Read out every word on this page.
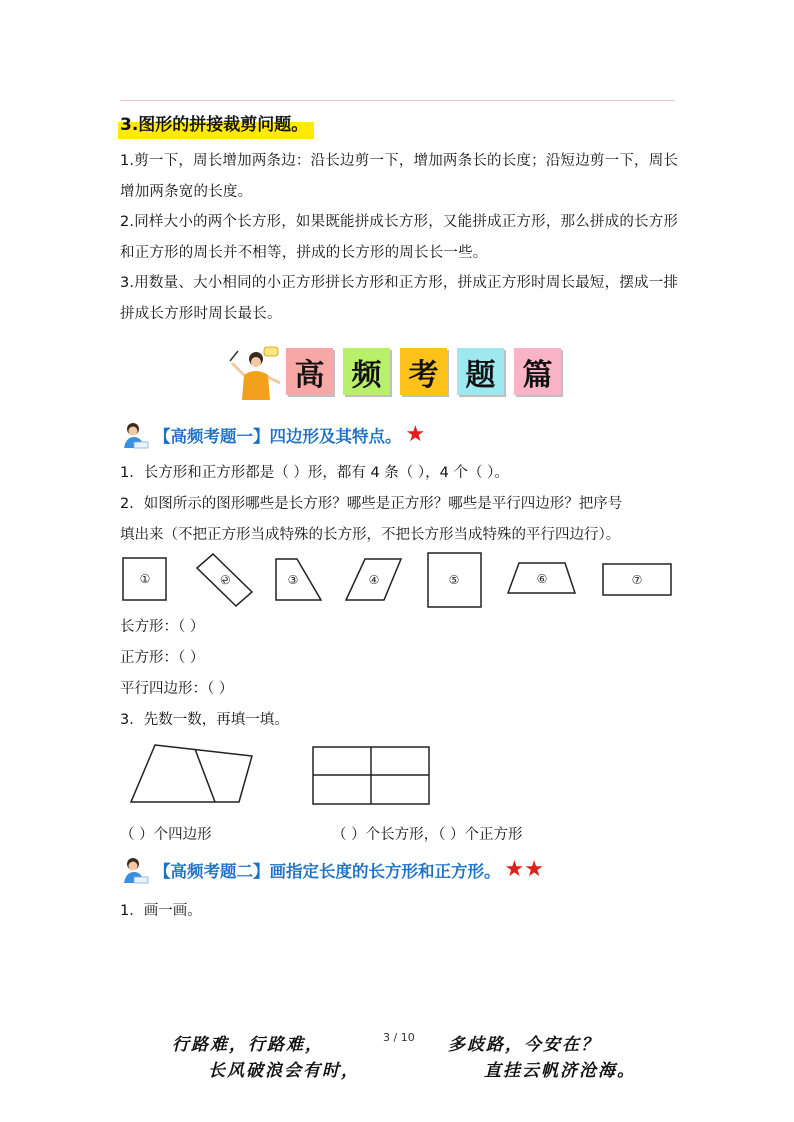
3.图形的拼接裁剪问题。
1.剪一下，周长增加两条边：沿长边剪一下，增加两条长的长度；沿短边剪一下，周长增加两条宽的长度。
2.同样大小的两个长方形，如果既能拼成长方形，又能拼成正方形，那么拼成的长方形和正方形的周长并不相等，拼成的长方形的周长长一些。
3.用数量、大小相同的小正方形拼长方形和正方形，拼成正方形时周长最短，摆成一排拼成长方形时周长最长。
高 频 考 题 篇
【高频考题一】四边形及其特点。 ★
1．长方形和正方形都是（ ）形，都有 4 条（ ），4 个（ ）。
2．如图所示的图形哪些是长方形？哪些是正方形？哪些是平行四边形？把序号
填出来（不把正方形当成特殊的长方形，不把长方形当成特殊的平行四边行）。
①	②	③	④	⑤	⑥	⑦
长方形：（ ）
正方形：（ ）
平行四边形：（ ）
3．先数一数，再填一填。
（ ）个四边形	（ ）个长方形，（ ）个正方形
【高频考题二】画指定长度的长方形和正方形。 ★★
1．画一画。
3 / 10
行路难，行路难，	多歧路，今安在？
长风破浪会有时，	直挂云帆济沧海。
